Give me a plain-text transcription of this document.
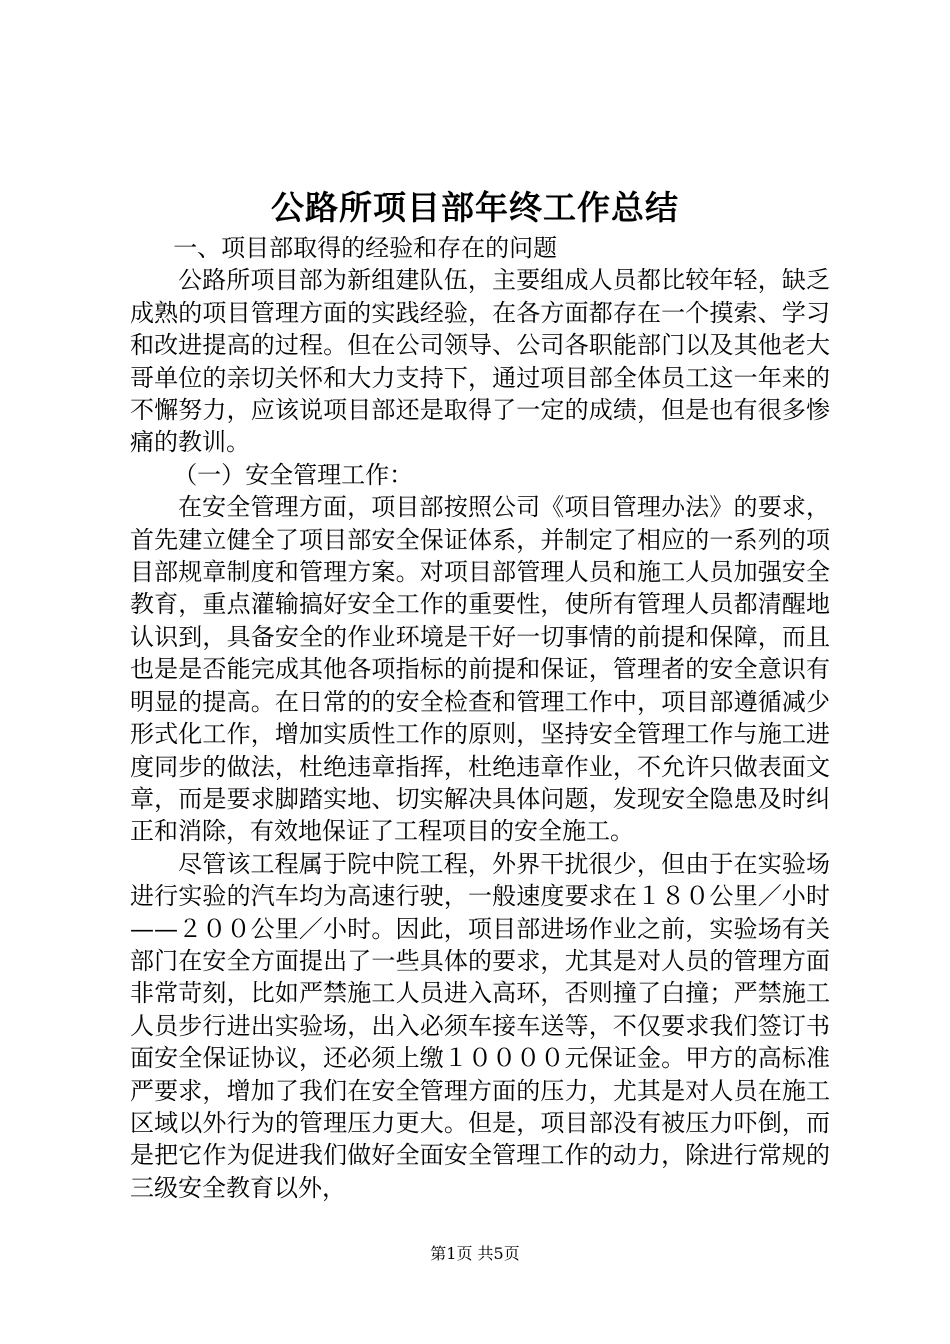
公路所项目部年终工作总结

一、项目部取得的经验和存在的问题

公路所项目部为新组建队伍，主要组成人员都比较年轻，缺乏成熟的项目管理方面的实践经验，在各方面都存在一个摸索、学习和改进提高的过程。但在公司领导、公司各职能部门以及其他老大哥单位的亲切关怀和大力支持下，通过项目部全体员工这一年来的不懈努力，应该说项目部还是取得了一定的成绩，但是也有很多惨痛的教训。

（一）安全管理工作：

在安全管理方面，项目部按照公司《项目管理办法》的要求，首先建立健全了项目部安全保证体系，并制定了相应的一系列的项目部规章制度和管理方案。对项目部管理人员和施工人员加强安全教育，重点灌输搞好安全工作的重要性，使所有管理人员都清醒地认识到，具备安全的作业环境是干好一切事情的前提和保障，而且也是是否能完成其他各项指标的前提和保证，管理者的安全意识有明显的提高。在日常的的安全检查和管理工作中，项目部遵循减少形式化工作，增加实质性工作的原则，坚持安全管理工作与施工进度同步的做法，杜绝违章指挥，杜绝违章作业，不允许只做表面文章，而是要求脚踏实地、切实解决具体问题，发现安全隐患及时纠正和消除，有效地保证了工程项目的安全施工。

尽管该工程属于院中院工程，外界干扰很少，但由于在实验场进行实验的汽车均为高速行驶，一般速度要求在１８０公里／小时——２００公里／小时。因此，项目部进场作业之前，实验场有关部门在安全方面提出了一些具体的要求，尤其是对人员的管理方面非常苛刻，比如严禁施工人员进入高环，否则撞了白撞；严禁施工人员步行进出实验场，出入必须车接车送等，不仅要求我们签订书面安全保证协议，还必须上缴１００００元保证金。甲方的高标准严要求，增加了我们在安全管理方面的压力，尤其是对人员在施工区域以外行为的管理压力更大。但是，项目部没有被压力吓倒，而是把它作为促进我们做好全面安全管理工作的动力，除进行常规的三级安全教育以外，

第1页 共5页
